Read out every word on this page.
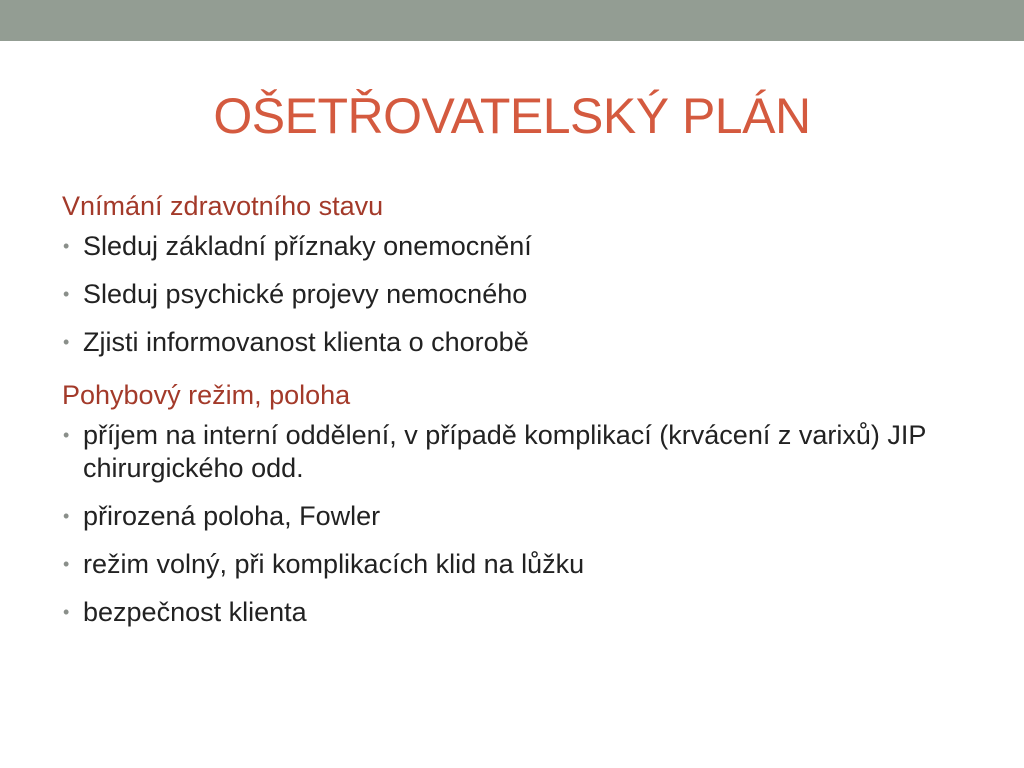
OŠETŘOVATELSKÝ PLÁN

Vnímání zdravotního stavu

• Sleduj základní příznaky onemocnění
• Sleduj psychické projevy nemocného
• Zjisti informovanost klienta o chorobě

Pohybový režim, poloha

• příjem na interní oddělení, v případě komplikací (krvácení z varixů) JIP chirurgického odd.
• přirozená poloha, Fowler
• režim volný, při komplikacích klid na lůžku
• bezpečnost klienta
